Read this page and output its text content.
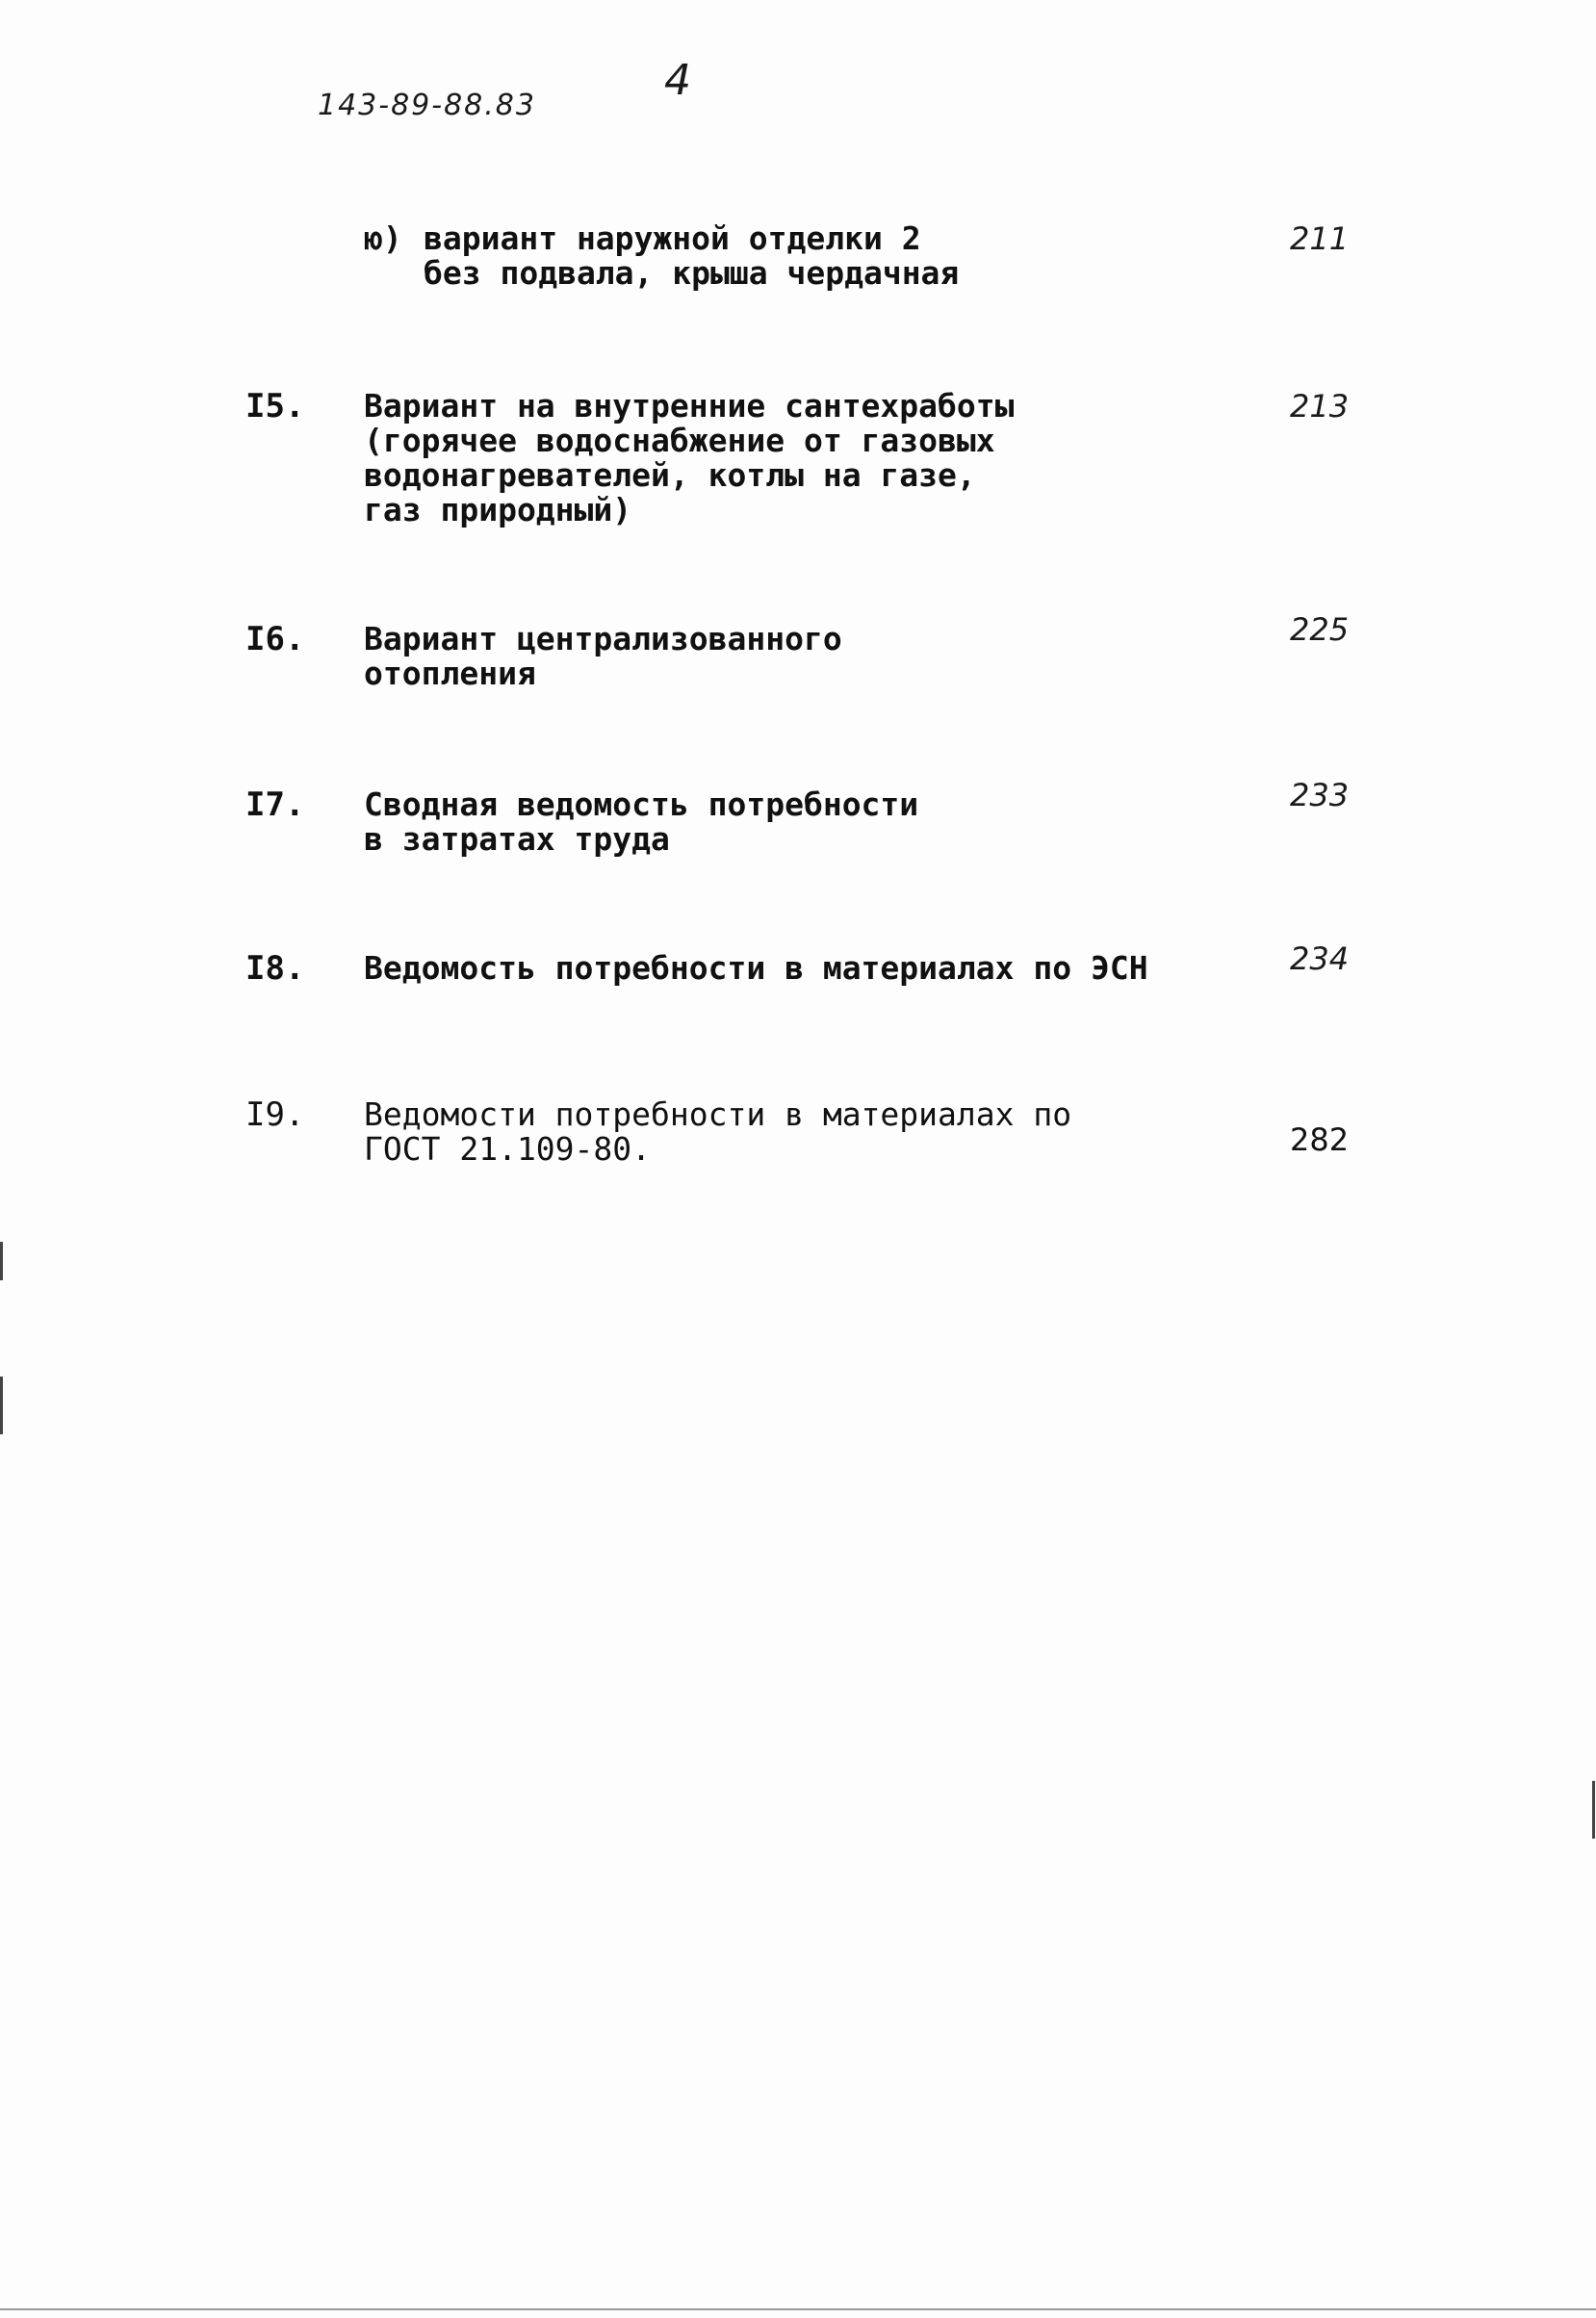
143-89-88.83
4
ю) вариант наружной отделки 2
без подвала, крыша чердачная
211
I5. Вариант на внутренние сантехработы
(горячее водоснабжение от газовых
водонагревателей, котлы на газе,
газ природный)
213
I6. Вариант централизованного
отопления
225
I7. Сводная ведомость потребности
в затратах труда
233
I8. Ведомость потребности в материалах по ЭСН	234
I9. Ведомости потребности в материалах по
ГОСТ 21.109-80.	282
